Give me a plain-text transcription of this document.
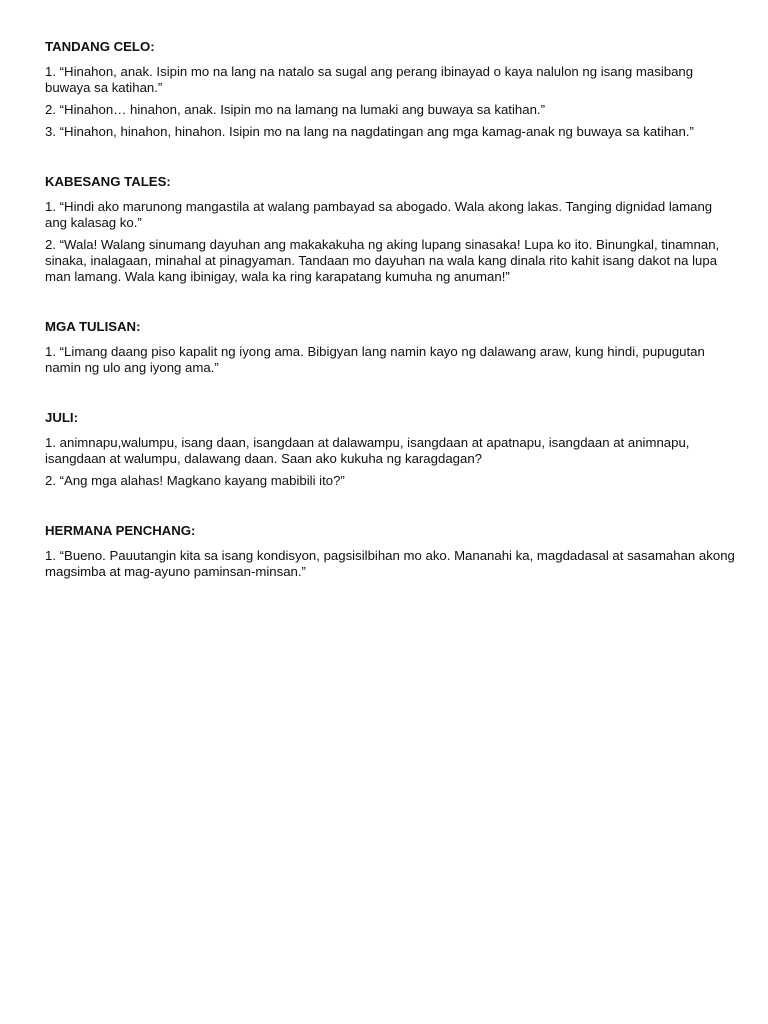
TANDANG CELO:
1. “Hinahon, anak. Isipin mo na lang na natalo sa sugal ang perang ibinayad o kaya nalulon ng isang masibang buwaya sa katihan.”
2. “Hinahon… hinahon, anak. Isipin mo na lamang na lumaki ang buwaya sa katihan.”
3. “Hinahon, hinahon, hinahon. Isipin mo na lang na nagdatingan ang mga kamag-anak ng buwaya sa katihan.”
KABESANG TALES:
1. “Hindi ako marunong mangastila at walang pambayad sa abogado. Wala akong lakas. Tanging dignidad lamang ang kalasag ko.”
2. “Wala! Walang sinumang dayuhan ang makakakuha ng aking lupang sinasaka! Lupa ko ito. Binungkal, tinamnan, sinaka, inalagaan, minahal at pinagyaman. Tandaan mo dayuhan na wala kang dinala rito kahit isang dakot na lupa man lamang. Wala kang ibinigay, wala ka ring karapatang kumuha ng anuman!”
MGA TULISAN:
1. “Limang daang piso kapalit ng iyong ama. Bibigyan lang namin kayo ng dalawang araw, kung hindi, pupugutan namin ng ulo ang iyong ama.”
JULI:
1. animnapu,walumpu, isang daan, isangdaan at dalawampu, isangdaan at apatnapu, isangdaan at animnapu, isangdaan at walumpu, dalawang daan. Saan ako kukuha ng karagdagan?
2. “Ang mga alahas! Magkano kayang mabibili ito?”
HERMANA PENCHANG:
1. “Bueno. Pauutangin kita sa isang kondisyon, pagsisilbihan mo ako. Mananahi ka, magdadasal at sasamahan akong magsimba at mag-ayuno paminsan-minsan.”
